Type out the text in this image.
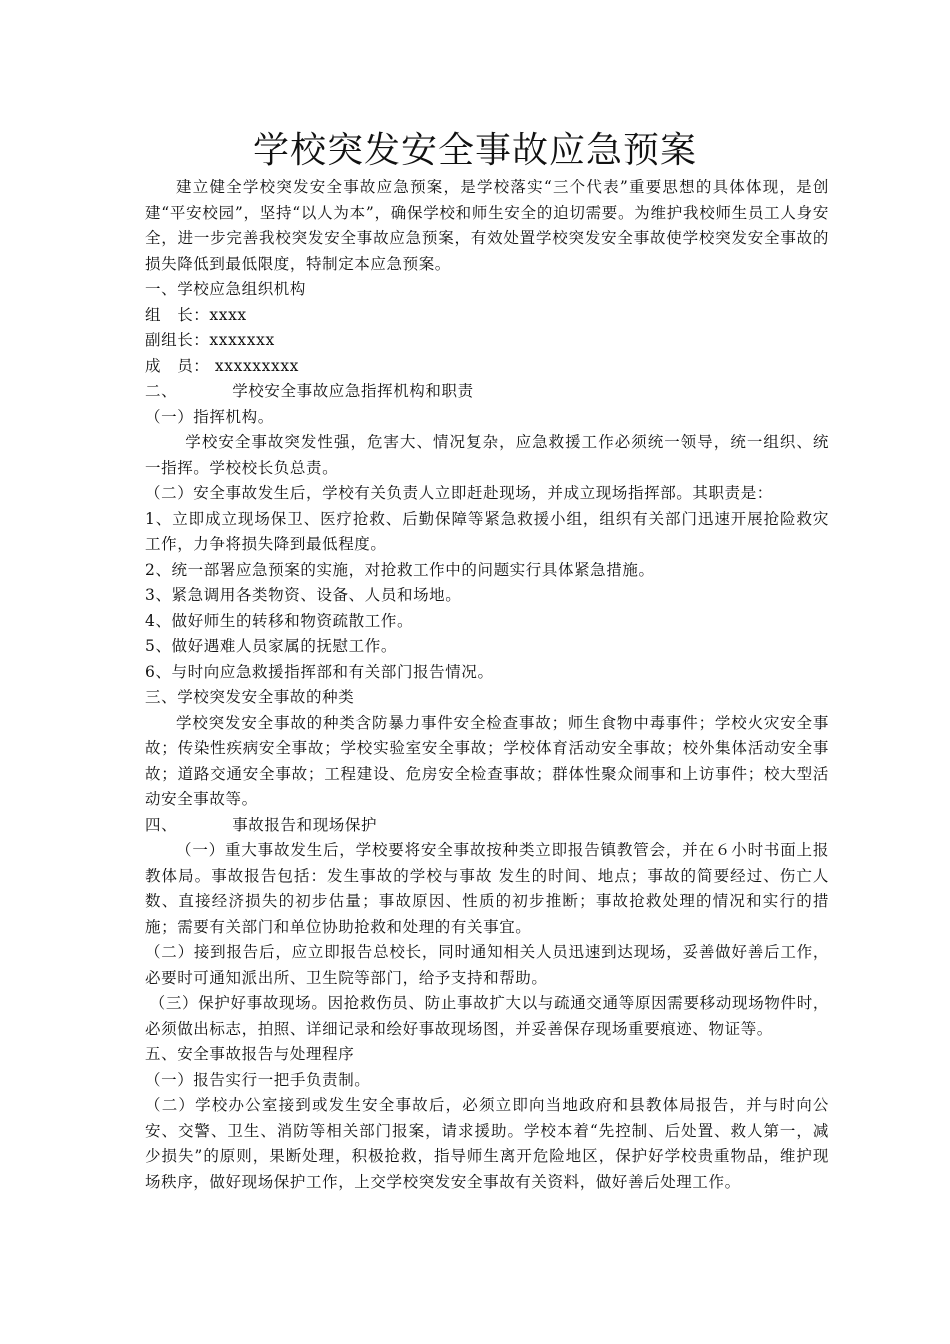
学校突发安全事故应急预案

建立健全学校突发安全事故应急预案，是学校落实“三个代表”重要思想的具体体现，是创建“平安校园”，坚持“以人为本”，确保学校和师生安全的迫切需要。为维护我校师生员工人身安全，进一步完善我校突发安全事故应急预案，有效处置学校突发安全事故使学校突发安全事故的损失降低到最低限度，特制定本应急预案。

一、学校应急组织机构

组　长：xxxx

副组长：xxxxxxx

成　员： xxxxxxxxx

二、	学校安全事故应急指挥机构和职责

（一）指挥机构。

学校安全事故突发性强，危害大、情况复杂，应急救援工作必须统一领导，统一组织、统一指挥。学校校长负总责。

（二）安全事故发生后，学校有关负责人立即赶赴现场，并成立现场指挥部。其职责是：

1、立即成立现场保卫、医疗抢救、后勤保障等紧急救援小组，组织有关部门迅速开展抢险救灾工作，力争将损失降到最低程度。

2、统一部署应急预案的实施，对抢救工作中的问题实行具体紧急措施。

3、紧急调用各类物资、设备、人员和场地。

4、做好师生的转移和物资疏散工作。

5、做好遇难人员家属的抚慰工作。

6、与时向应急救援指挥部和有关部门报告情况。

三、学校突发安全事故的种类

学校突发安全事故的种类含防暴力事件安全检查事故；师生食物中毒事件；学校火灾安全事故；传染性疾病安全事故；学校实验室安全事故；学校体育活动安全事故；校外集体活动安全事故；道路交通安全事故；工程建设、危房安全检查事故；群体性聚众闹事和上访事件；校大型活动安全事故等。

四、	事故报告和现场保护

（一）重大事故发生后，学校要将安全事故按种类立即报告镇教管会，并在６小时书面上报教体局。事故报告包括：发生事故的学校与事故 发生的时间、地点；事故的简要经过、伤亡人数、直接经济损失的初步估量；事故原因、性质的初步推断；事故抢救处理的情况和实行的措施；需要有关部门和单位协助抢救和处理的有关事宜。

（二）接到报告后，应立即报告总校长，同时通知相关人员迅速到达现场，妥善做好善后工作，必要时可通知派出所、卫生院等部门，给予支持和帮助。

（三）保护好事故现场。因抢救伤员、防止事故扩大以与疏通交通等原因需要移动现场物件时，必须做出标志，拍照、详细记录和绘好事故现场图，并妥善保存现场重要痕迹、物证等。

五、安全事故报告与处理程序

（一）报告实行一把手负责制。

（二）学校办公室接到或发生安全事故后，必须立即向当地政府和县教体局报告，并与时向公安、交警、卫生、消防等相关部门报案，请求援助。学校本着“先控制、后处置、救人第一，减少损失”的原则，果断处理，积极抢救，指导师生离开危险地区，保护好学校贵重物品，维护现场秩序，做好现场保护工作，上交学校突发安全事故有关资料，做好善后处理工作。
